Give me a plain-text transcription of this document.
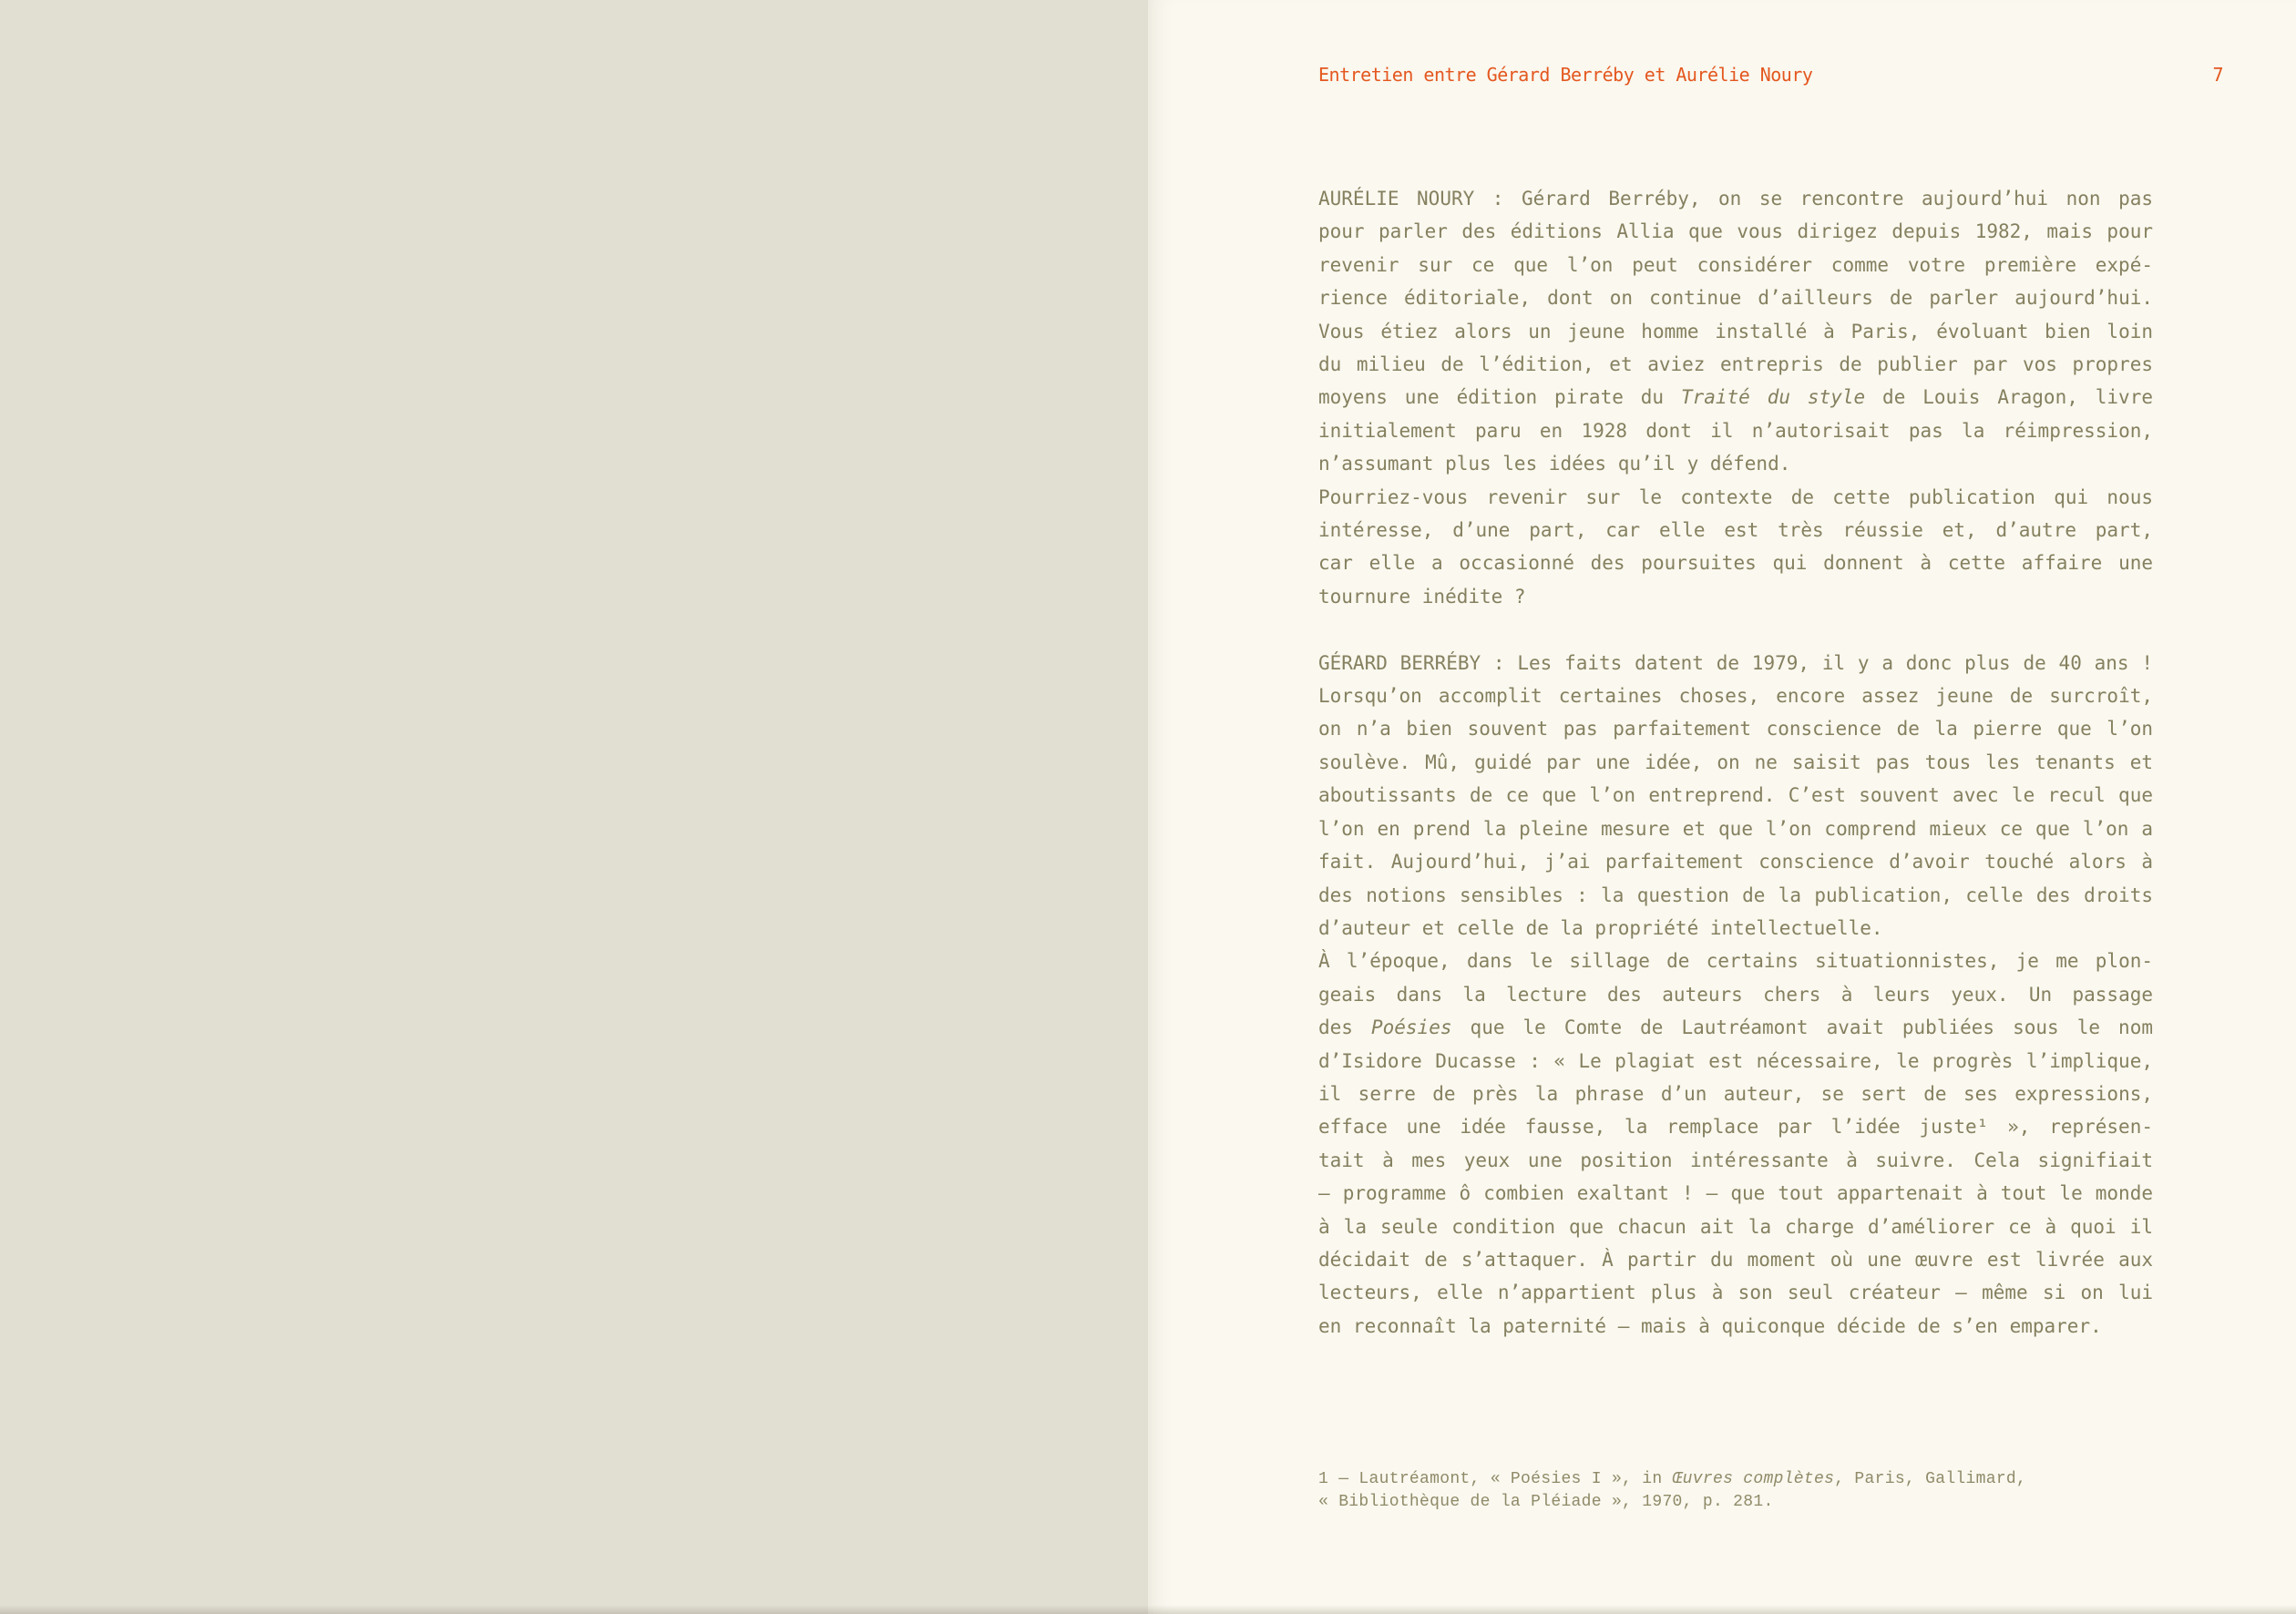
Entretien entre Gérard Berréby et Aurélie Noury	7
AURÉLIE NOURY : Gérard Berréby, on se rencontre aujourd’hui non pas
pour parler des éditions Allia que vous dirigez depuis 1982, mais pour
revenir sur ce que l’on peut considérer comme votre première expé-
rience éditoriale, dont on continue d’ailleurs de parler aujourd’hui.
Vous étiez alors un jeune homme installé à Paris, évoluant bien loin
du milieu de l’édition, et aviez entrepris de publier par vos propres
moyens une édition pirate du Traité du style de Louis Aragon, livre
initialement paru en 1928 dont il n’autorisait pas la réimpression,
n’assumant plus les idées qu’il y défend.
Pourriez-vous revenir sur le contexte de cette publication qui nous
intéresse, d’une part, car elle est très réussie et, d’autre part,
car elle a occasionné des poursuites qui donnent à cette affaire une
tournure inédite ?
GÉRARD BERRÉBY : Les faits datent de 1979, il y a donc plus de 40 ans !
Lorsqu’on accomplit certaines choses, encore assez jeune de surcroît,
on n’a bien souvent pas parfaitement conscience de la pierre que l’on
soulève. Mû, guidé par une idée, on ne saisit pas tous les tenants et
aboutissants de ce que l’on entreprend. C’est souvent avec le recul que
l’on en prend la pleine mesure et que l’on comprend mieux ce que l’on a
fait. Aujourd’hui, j’ai parfaitement conscience d’avoir touché alors à
des notions sensibles : la question de la publication, celle des droits
d’auteur et celle de la propriété intellectuelle.
À l’époque, dans le sillage de certains situationnistes, je me plon-
geais dans la lecture des auteurs chers à leurs yeux. Un passage
des Poésies que le Comte de Lautréamont avait publiées sous le nom
d’Isidore Ducasse : « Le plagiat est nécessaire, le progrès l’implique,
il serre de près la phrase d’un auteur, se sert de ses expressions,
efface une idée fausse, la remplace par l’idée juste¹ », représen-
tait à mes yeux une position intéressante à suivre. Cela signifiait
— programme ô combien exaltant ! — que tout appartenait à tout le monde
à la seule condition que chacun ait la charge d’améliorer ce à quoi il
décidait de s’attaquer. À partir du moment où une œuvre est livrée aux
lecteurs, elle n’appartient plus à son seul créateur — même si on lui
en reconnaît la paternité — mais à quiconque décide de s’en emparer.
1 — Lautréamont, « Poésies I », in Œuvres complètes, Paris, Gallimard,
« Bibliothèque de la Pléiade », 1970, p. 281.
